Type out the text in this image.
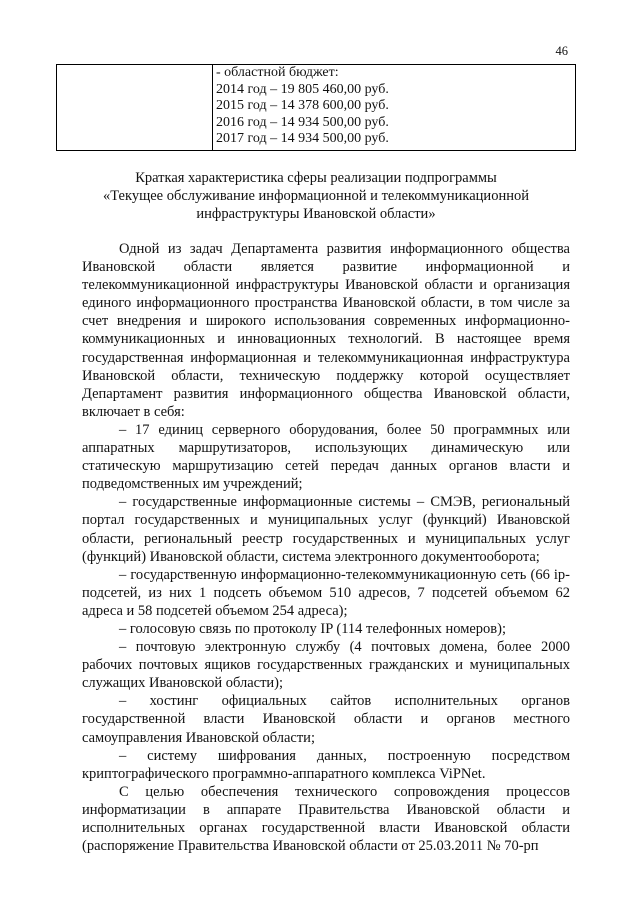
46

- областной бюджет:
2014 год – 19 805 460,00 руб.
2015 год – 14 378 600,00 руб.
2016 год – 14 934 500,00 руб.
2017 год – 14 934 500,00 руб.
Краткая характеристика сферы реализации подпрограммы
«Текущее обслуживание информационной и телекоммуникационной
инфраструктуры Ивановской области»

Одной из задач Департамента развития информационного общества Ивановской области является развитие информационной и телекоммуникационной инфраструктуры Ивановской области и организация единого информационного пространства Ивановской области, в том числе за счет внедрения и широкого использования современных информационно-коммуникационных и инновационных технологий. В настоящее время государственная информационная и телекоммуникационная инфраструктура Ивановской области, техническую поддержку которой осуществляет Департамент развития информационного общества Ивановской области, включает в себя:

– 17 единиц серверного оборудования, более 50 программных или аппаратных маршрутизаторов, использующих динамическую или статическую маршрутизацию сетей передач данных органов власти и подведомственных им учреждений;

– государственные информационные системы – СМЭВ, региональный портал государственных и муниципальных услуг (функций) Ивановской области, региональный реестр государственных и муниципальных услуг (функций) Ивановской области, система электронного документооборота;

– государственную информационно-телекоммуникационную сеть (66 ip-подсетей, из них 1 подсеть объемом 510 адресов, 7 подсетей объемом 62 адреса и 58 подсетей объемом 254 адреса);

– голосовую связь по протоколу IP (114 телефонных номеров);

– почтовую электронную службу (4 почтовых домена, более 2000 рабочих почтовых ящиков государственных гражданских и муниципальных служащих Ивановской области);

– хостинг официальных сайтов исполнительных органов государственной власти Ивановской области и органов местного самоуправления Ивановской области;

– систему шифрования данных, построенную посредством криптографического программно-аппаратного комплекса ViPNet.

С целью обеспечения технического сопровождения процессов информатизации в аппарате Правительства Ивановской области и исполнительных органах государственной власти Ивановской области (распоряжение Правительства Ивановской области от 25.03.2011 № 70-рп
